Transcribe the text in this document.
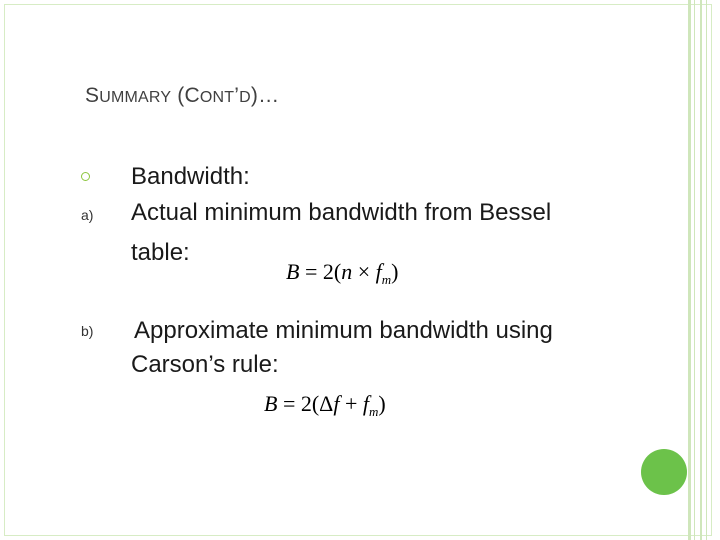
SUMMARY (CONT’D)…
Bandwidth:
a) Actual minimum bandwidth from Bessel
table:
$B = 2(n \times f_m)$
b) Approximate minimum bandwidth using
Carson’s rule:
$B = 2(\Delta f + f_m)$
